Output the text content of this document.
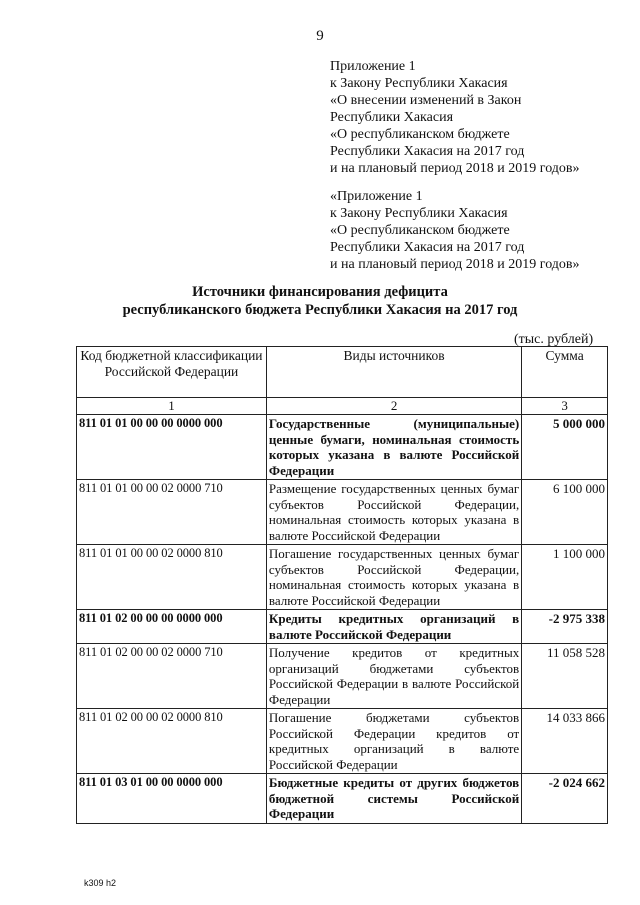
9
Приложение 1
к Закону Республики Хакасия
«О внесении изменений в Закон
Республики Хакасия
«О республиканском бюджете
Республики Хакасия на 2017 год
и на плановый период 2018 и 2019 годов»
«Приложение 1
к Закону Республики Хакасия
«О республиканском бюджете
Республики Хакасия на 2017 год
и на плановый период 2018 и 2019 годов»
Источники финансирования дефицита
республиканского бюджета Республики Хакасия на 2017 год
(тыс. рублей)
Код бюджетной классификации Российской Федерации	Виды источников	Сумма
1	2	3
811 01 01 00 00 00 0000 000	Государственные (муниципальные) ценные бумаги, номинальная стоимость которых указана в валюте Российской Федерации	5 000 000
811 01 01 00 00 02 0000 710	Размещение государственных ценных бумаг субъектов Российской Федерации, номинальная стоимость которых указана в валюте Российской Федерации	6 100 000
811 01 01 00 00 02 0000 810	Погашение государственных ценных бумаг субъектов Российской Федерации, номинальная стоимость которых указана в валюте Российской Федерации	1 100 000
811 01 02 00 00 00 0000 000	Кредиты кредитных организаций в валюте Российской Федерации	-2 975 338
811 01 02 00 00 02 0000 710	Получение кредитов от кредитных организаций бюджетами субъектов Российской Федерации в валюте Российской Федерации	11 058 528
811 01 02 00 00 02 0000 810	Погашение бюджетами субъектов Российской Федерации кредитов от кредитных организаций в валюте Российской Федерации	14 033 866
811 01 03 01 00 00 0000 000	Бюджетные кредиты от других бюджетов бюджетной системы Российской Федерации	-2 024 662
k309 h2
